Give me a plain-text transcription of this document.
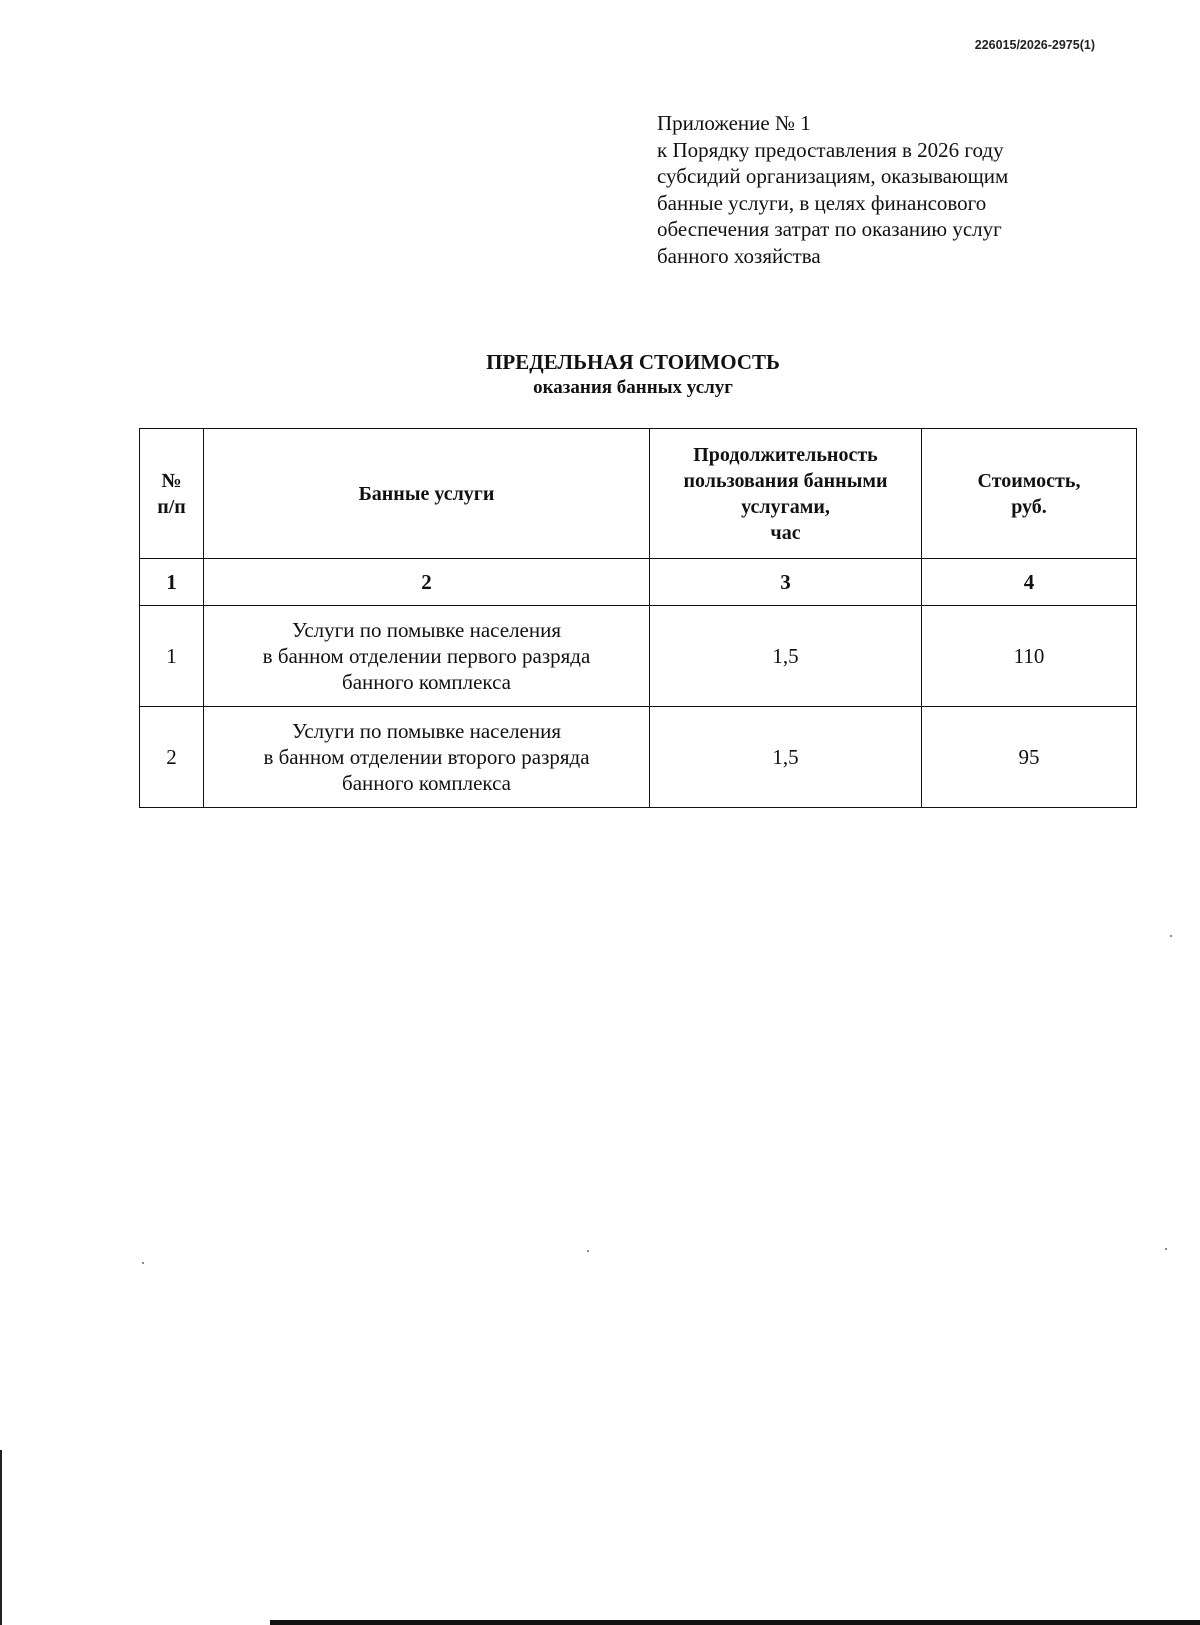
226015/2026-2975(1)
Приложение № 1
к Порядку предоставления в 2026 году
субсидий организациям, оказывающим
банные услуги, в целях финансового
обеспечения затрат по оказанию услуг
банного хозяйства
ПРЕДЕЛЬНАЯ СТОИМОСТЬ
оказания банных услуг
№
п/п	Банные услуги	Продолжительность
пользования банными
услугами,
час	Стоимость,
руб.

1	2	3	4
1	Услуги по помывке населения
в банном отделении первого разряда
банного комплекса	1,5	110
2	Услуги по помывке населения
в банном отделении второго разряда
банного комплекса	1,5	95
